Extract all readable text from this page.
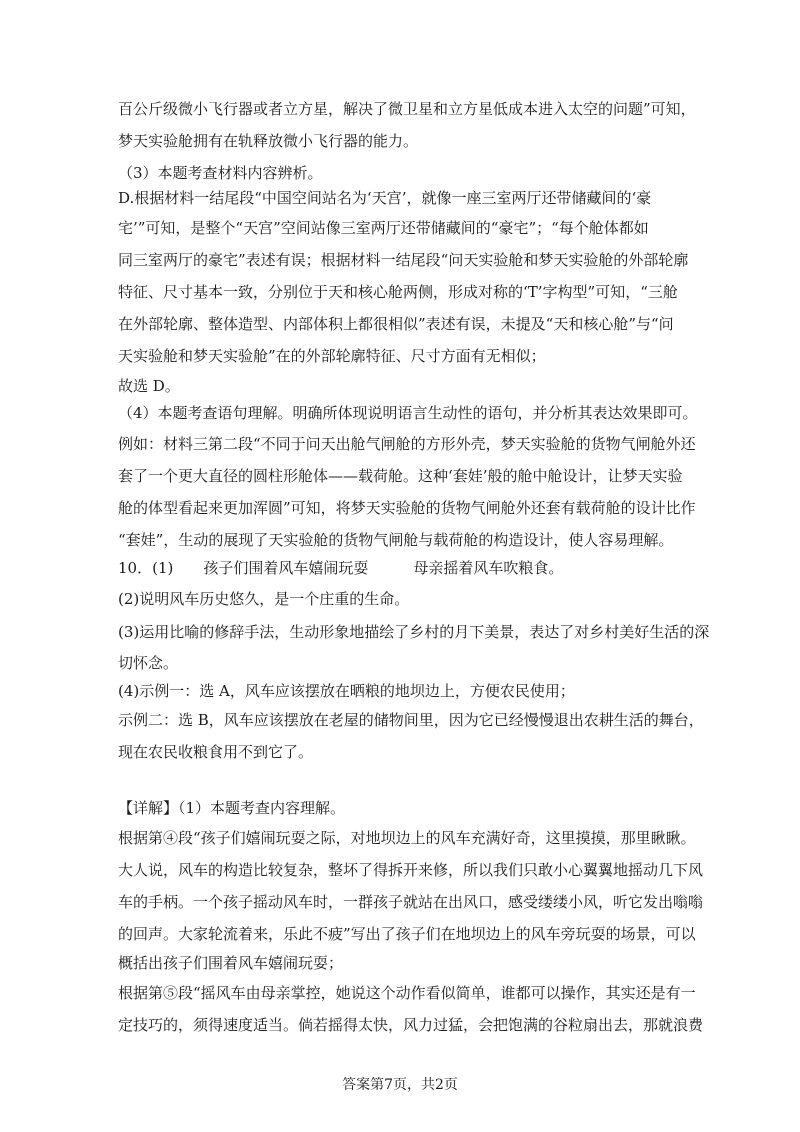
百公斤级微小飞行器或者立方星，解决了微卫星和立方星低成本进入太空的问题”可知，
梦天实验舱拥有在轨释放微小飞行器的能力。
（3）本题考查材料内容辨析。
D.根据材料一结尾段“中国空间站名为‘天宫’，就像一座三室两厅还带储藏间的‘豪
宅’”可知，是整个“天宫”空间站像三室两厅还带储藏间的“豪宅”；“每个舱体都如
同三室两厅的豪宅”表述有误；根据材料一结尾段“问天实验舱和梦天实验舱的外部轮廓
特征、尺寸基本一致，分别位于天和核心舱两侧，形成对称的‘T’字构型”可知，“三舱
在外部轮廓、整体造型、内部体积上都很相似”表述有误，未提及“天和核心舱”与“问
天实验舱和梦天实验舱”在的外部轮廓特征、尺寸方面有无相似；
故选 D。
（4）本题考查语句理解。明确所体现说明语言生动性的语句，并分析其表达效果即可。
例如：材料三第二段“不同于问天出舱气闸舱的方形外壳，梦天实验舱的货物气闸舱外还
套了一个更大直径的圆柱形舱体——载荷舱。这种‘套娃’般的舱中舱设计，让梦天实验
舱的体型看起来更加浑圆”可知，将梦天实验舱的货物气闸舱外还套有载荷舱的设计比作
“套娃”，生动的展现了天实验舱的货物气闸舱与载荷舱的构造设计，使人容易理解。
10．(1)　　孩子们围着风车嬉闹玩耍　　　母亲摇着风车吹粮食。
(2)说明风车历史悠久，是一个庄重的生命。
(3)运用比喻的修辞手法，生动形象地描绘了乡村的月下美景，表达了对乡村美好生活的深
切怀念。
(4)示例一：选 A，风车应该摆放在晒粮的地坝边上，方便农民使用；
示例二：选 B，风车应该摆放在老屋的储物间里，因为它已经慢慢退出农耕生活的舞台，
现在农民收粮食用不到它了。
【详解】（1）本题考查内容理解。
根据第④段“孩子们嬉闹玩耍之际，对地坝边上的风车充满好奇，这里摸摸，那里瞅瞅。
大人说，风车的构造比较复杂，整坏了得拆开来修，所以我们只敢小心翼翼地摇动几下风
车的手柄。一个孩子摇动风车时，一群孩子就站在出风口，感受缕缕小风，听它发出嗡嗡
的回声。大家轮流着来，乐此不疲”写出了孩子们在地坝边上的风车旁玩耍的场景，可以
概括出孩子们围着风车嬉闹玩耍；
根据第⑤段“摇风车由母亲掌控，她说这个动作看似简单，谁都可以操作，其实还是有一
定技巧的，须得速度适当。倘若摇得太快，风力过猛，会把饱满的谷粒扇出去，那就浪费
答案第7页，共2页
